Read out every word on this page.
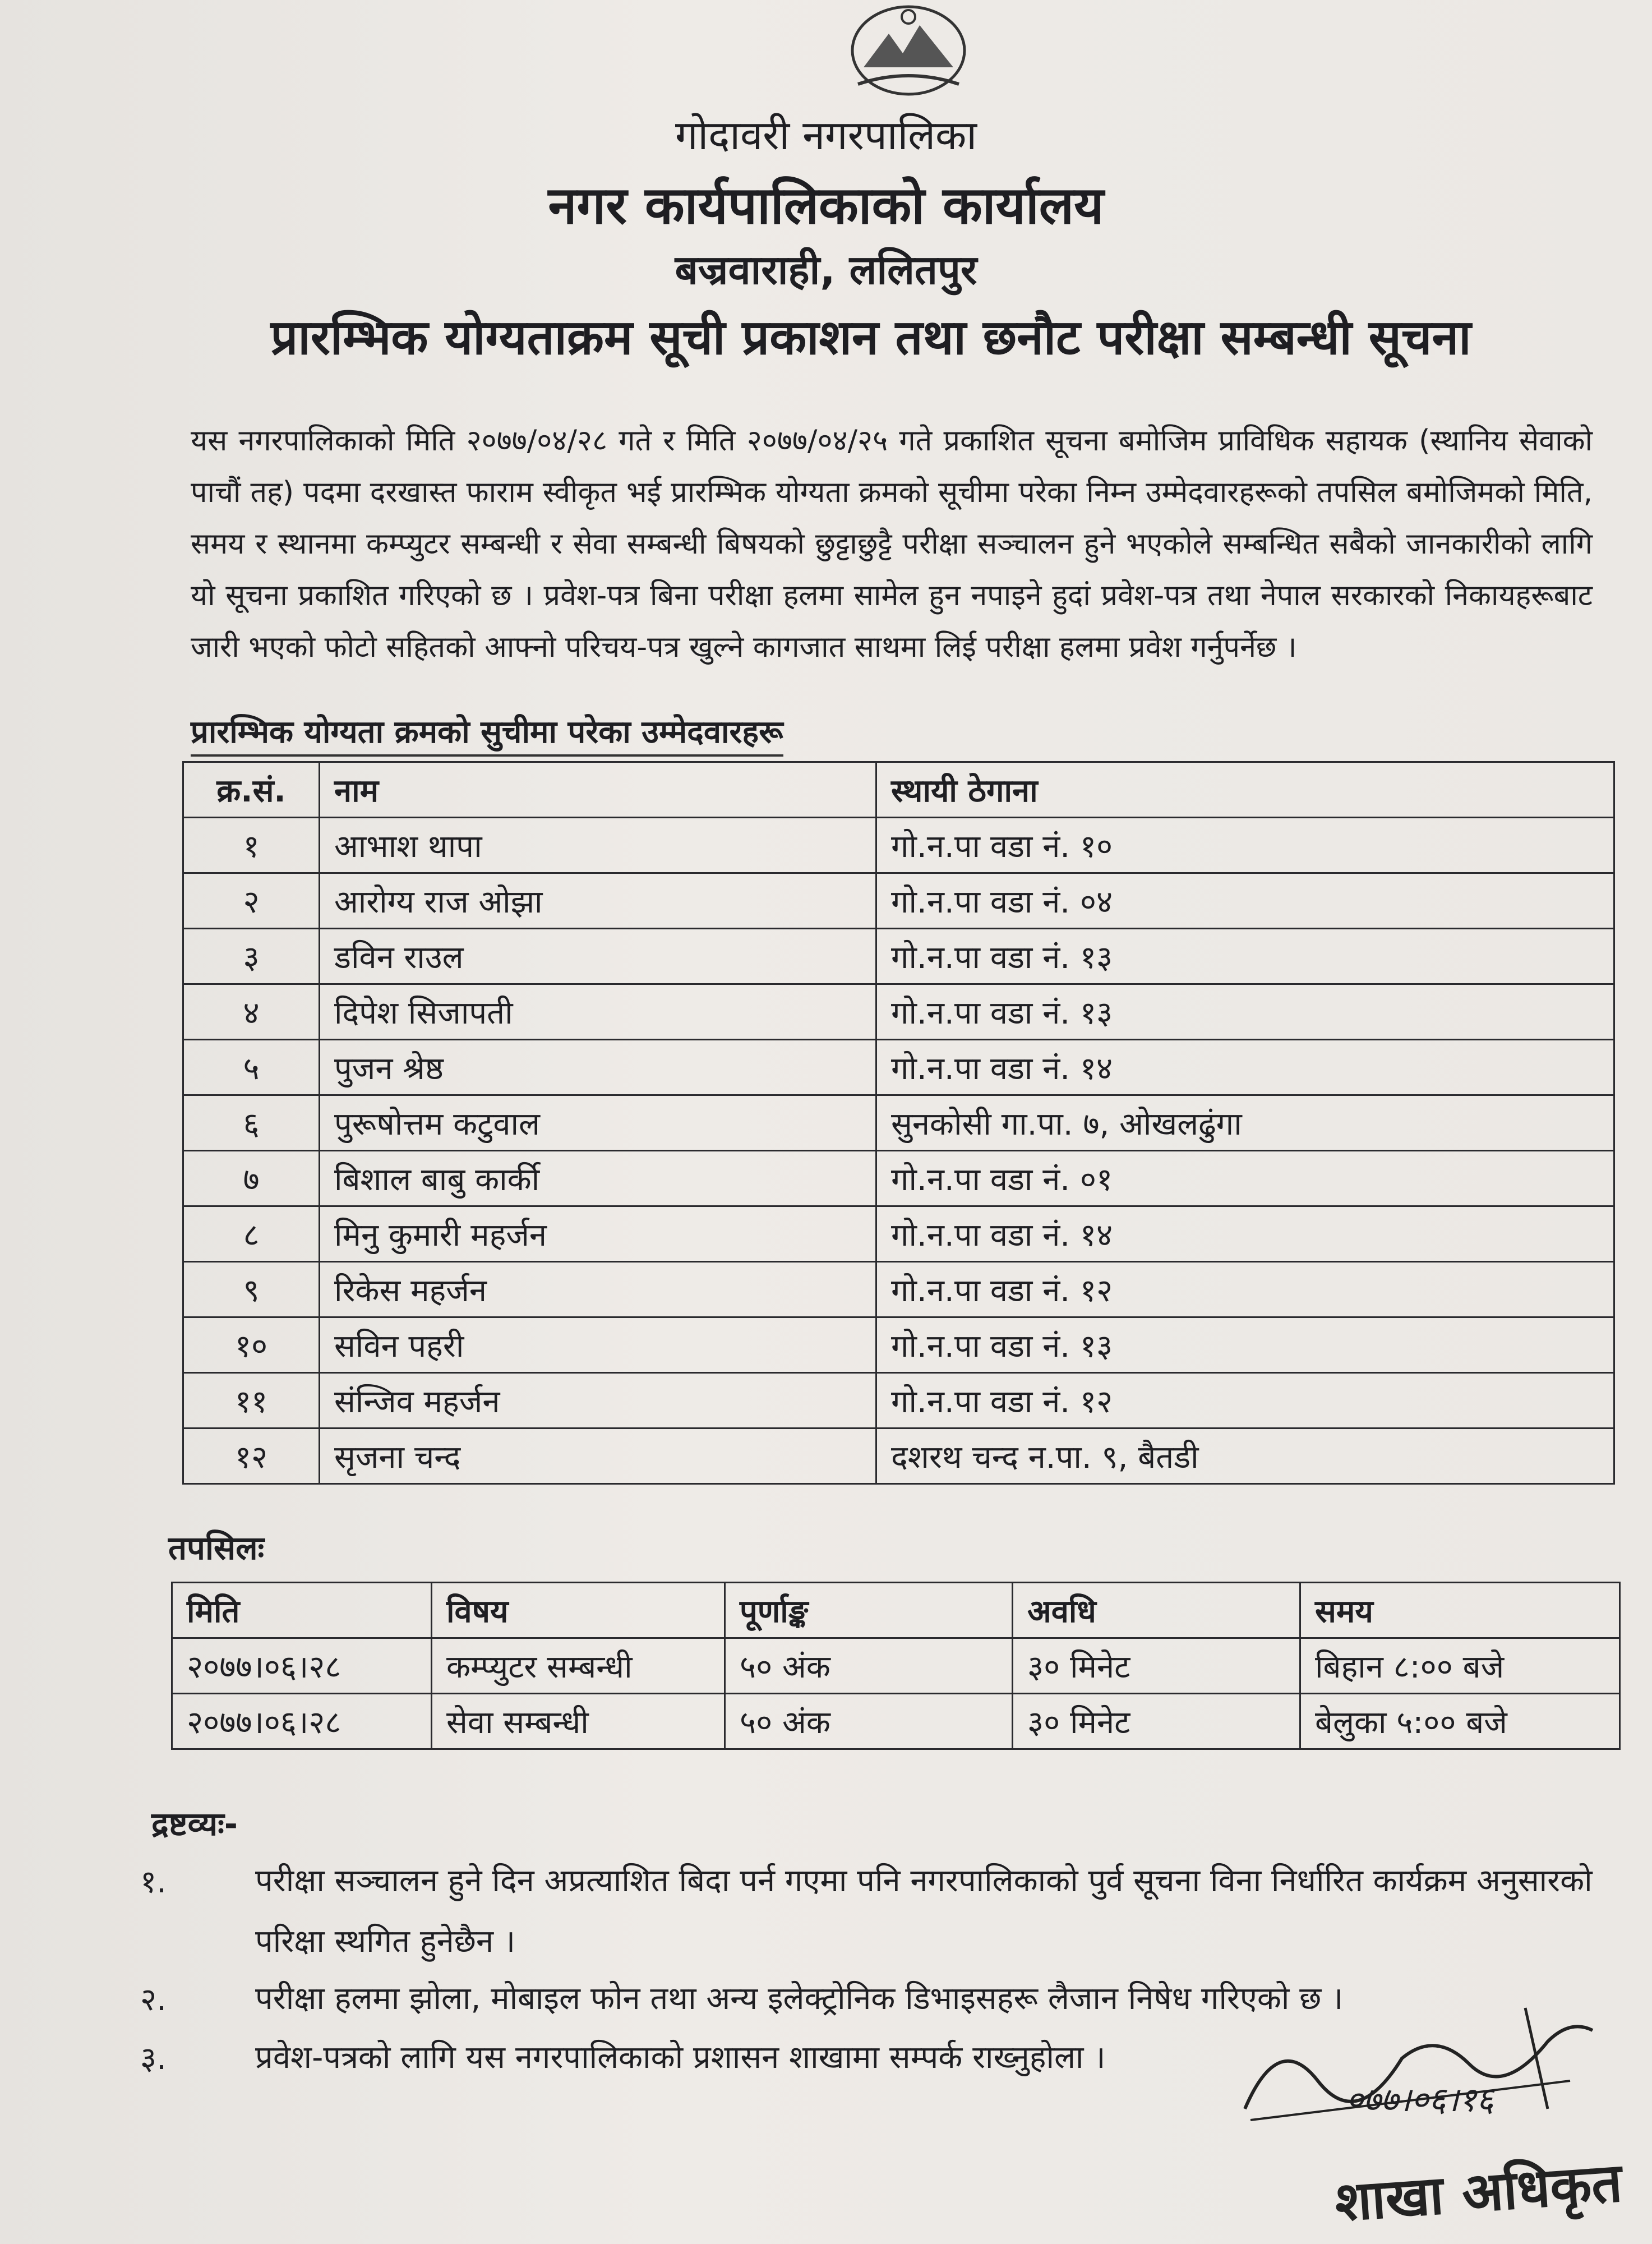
गोदावरी नगरपालिका
नगर कार्यपालिकाको कार्यालय
बज्रवाराही, ललितपुर
प्रारम्भिक योग्यताक्रम सूची प्रकाशन तथा छनौट परीक्षा सम्बन्धी सूचना
यस नगरपालिकाको मिति २०७७/०४/२८ गते र मिति २०७७/०४/२५ गते प्रकाशित सूचना बमोजिम प्राविधिक सहायक (स्थानिय सेवाको पाचौं तह) पदमा दरखास्त फाराम स्वीकृत भई प्रारम्भिक योग्यता क्रमको सूचीमा परेका निम्न उम्मेदवारहरूको तपसिल बमोजिमको मिति, समय र स्थानमा कम्प्युटर सम्बन्धी र सेवा सम्बन्धी बिषयको छुट्टाछुट्टै परीक्षा सञ्चालन हुने भएकोले सम्बन्धित सबैको जानकारीको लागि यो सूचना प्रकाशित गरिएको छ । प्रवेश-पत्र बिना परीक्षा हलमा सामेल हुन नपाइने हुदां प्रवेश-पत्र तथा नेपाल सरकारको निकायहरूबाट जारी भएको फोटो सहितको आफ्नो परिचय-पत्र खुल्ने कागजात साथमा लिई परीक्षा हलमा प्रवेश गर्नुपर्नेछ ।
प्रारम्भिक योग्यता क्रमको सुचीमा परेका उम्मेदवारहरू
क्र.सं.	नाम	स्थायी ठेगाना
१	आभाश थापा	गो.न.पा वडा नं. १०
२	आरोग्य राज ओझा	गो.न.पा वडा नं. ०४
३	डविन राउल	गो.न.पा वडा नं. १३
४	दिपेश सिजापती	गो.न.पा वडा नं. १३
५	पुजन श्रेष्ठ	गो.न.पा वडा नं. १४
६	पुरूषोत्तम कटुवाल	सुनकोसी गा.पा. ७, ओखलढुंगा
७	बिशाल बाबु कार्की	गो.न.पा वडा नं. ०१
८	मिनु कुमारी महर्जन	गो.न.पा वडा नं. १४
९	रिकेस महर्जन	गो.न.पा वडा नं. १२
१०	सविन पहरी	गो.न.पा वडा नं. १३
११	संन्जिव महर्जन	गो.न.पा वडा नं. १२
१२	सृजना चन्द	दशरथ चन्द न.पा. ९, बैतडी
तपसिलः
मिति	विषय	पूर्णाङ्क	अवधि	समय
२०७७।०६।२८	कम्प्युटर सम्बन्धी	५० अंक	३० मिनेट	बिहान ८:०० बजे
२०७७।०६।२८	सेवा सम्बन्धी	५० अंक	३० मिनेट	बेलुका ५:०० बजे
द्रष्टव्यः-
१.	परीक्षा सञ्चालन हुने दिन अप्रत्याशित बिदा पर्न गएमा पनि नगरपालिकाको पुर्व सूचना विना निर्धारित कार्यक्रम अनुसारको परिक्षा स्थगित हुनेछैन ।
२.	परीक्षा हलमा झोला, मोबाइल फोन तथा अन्य इलेक्ट्रोनिक डिभाइसहरू लैजान निषेध गरिएको छ ।
३.	प्रवेश-पत्रको लागि यस नगरपालिकाको प्रशासन शाखामा सम्पर्क राख्नुहोला ।
०७७।०६।१६
शाखा अधिकृत
